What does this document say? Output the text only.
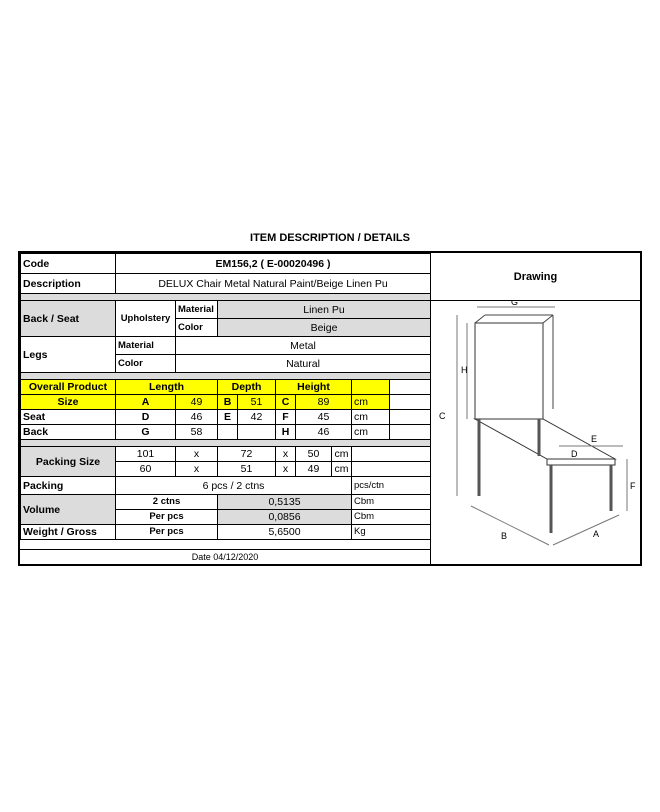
ITEM DESCRIPTION / DETAILS
Code	EM156,2 ( E-00020496 )								
Description	DELUX Chair Metal Natural Paint/Beige Linen Pu								

Back / Seat	Upholstery	Material	Linen Pu						
		Color	Beige						
Legs	Material	Metal							
	Color	Natural							

Overall Product	Length		Depth		Height				
Size	A	49	B	51	C	89		cm	
Seat	D	46	E	42	F	45		cm	
Back	G	58			H	46		cm	

Packing Size	101	x	72		x	50	cm		
	60	x	51		x	49	cm		
Packing	6 pcs / 2 ctns							pcs/ctn	
Volume	2 ctns		0,5135					Cbm	
	Per pcs		0,0856					Cbm	
Weight / Gross	Per pcs		5,6500					Kg	
Drawing
G
H
C
E
D
F
B	A
Date 04/12/2020
